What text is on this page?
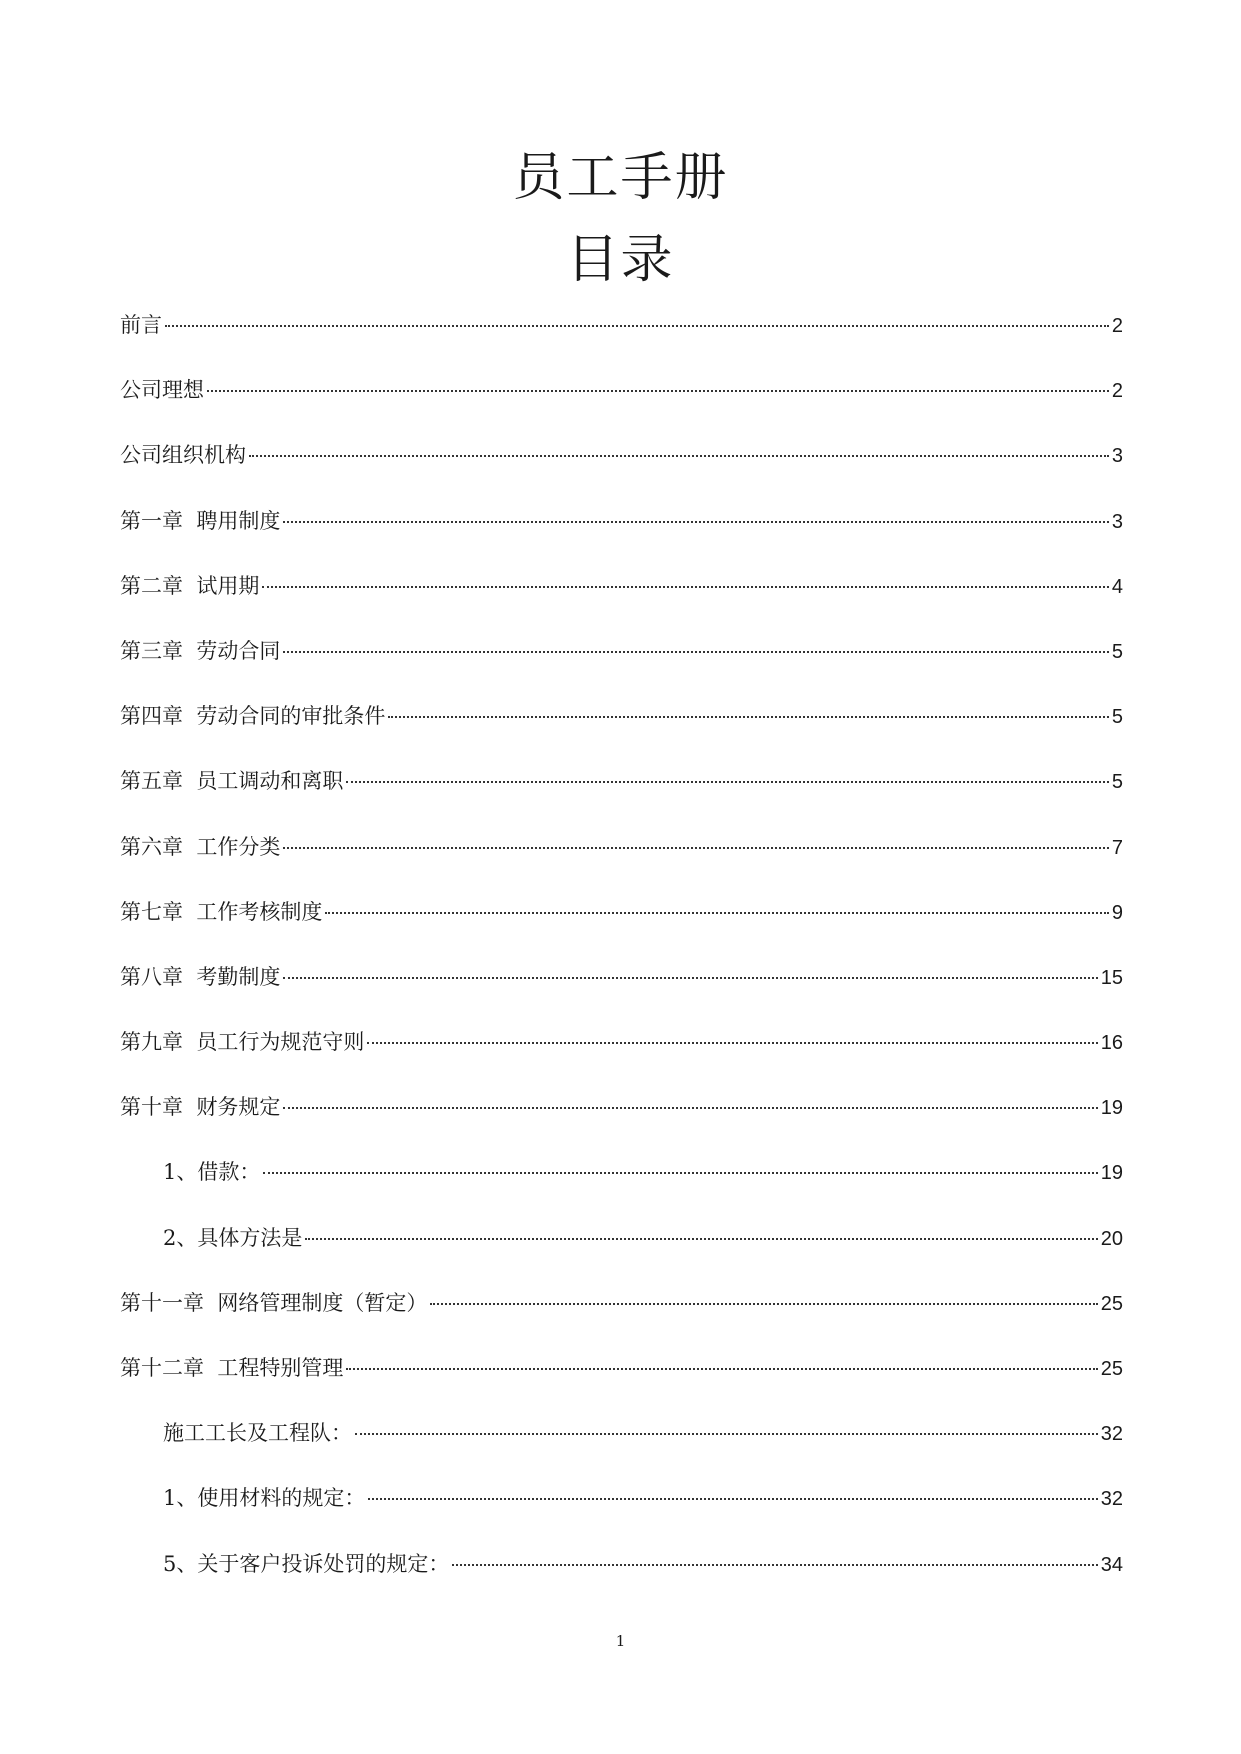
员工手册
目录
前言	2
公司理想	2
公司组织机构	3
第一章  聘用制度	3
第二章  试用期	4
第三章  劳动合同	5
第四章  劳动合同的审批条件	5
第五章  员工调动和离职	5
第六章  工作分类	7
第七章  工作考核制度	9
第八章  考勤制度	15
第九章  员工行为规范守则	16
第十章  财务规定	19
1、借款：	19
2、具体方法是	20
第十一章  网络管理制度（暂定）	25
第十二章  工程特别管理	25
施工工长及工程队：	32
1、使用材料的规定：	32
5、关于客户投诉处罚的规定：	34
1
